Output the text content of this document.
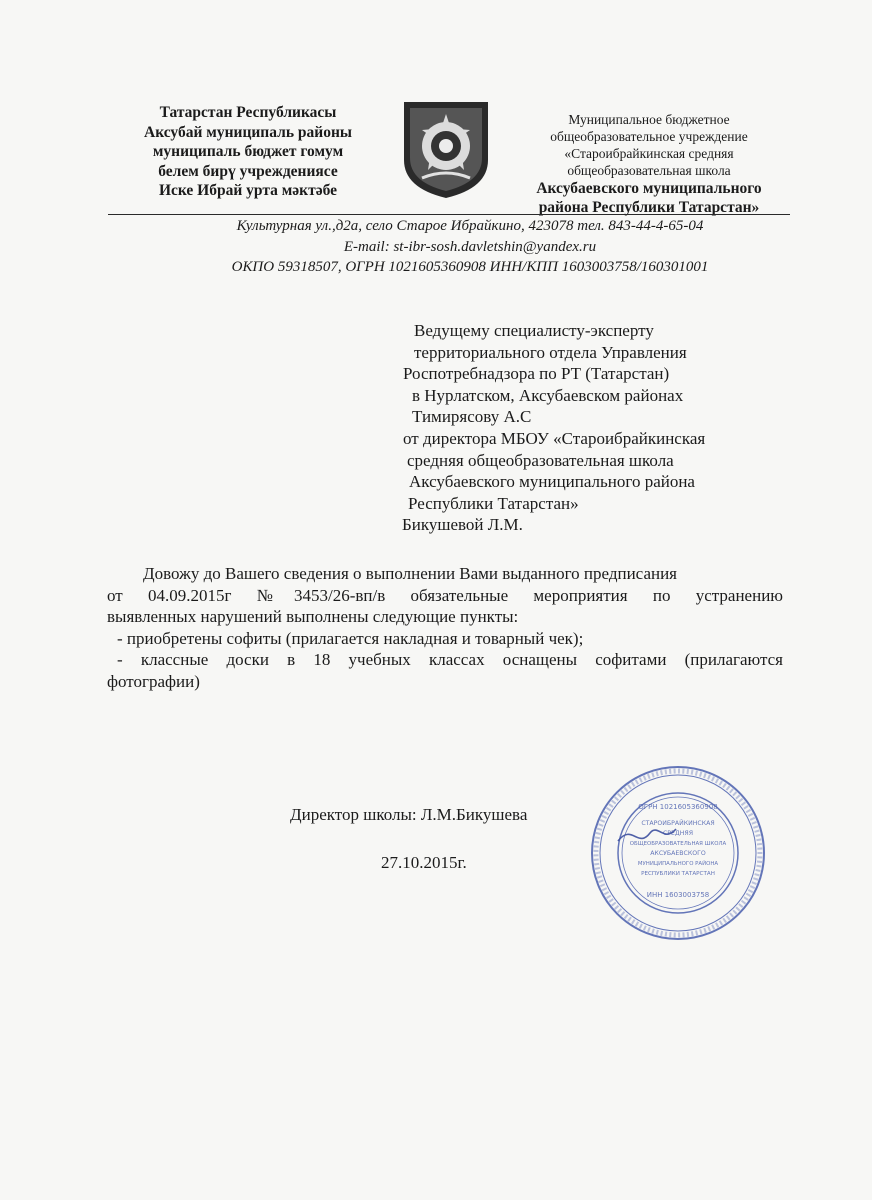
Татарстан Республикасы
Аксубай муниципаль районы
муниципаль бюджет гомум
белем бирү учреждениясе
Иске Ибрай урта мәктәбе
Муниципальное бюджетное
общеобразовательное учреждение
«Староибрайкинская средняя
общеобразовательная школа
Аксубаевского муниципального
района Республики Татарстан»
Культурная ул.,д2а, село Старое Ибрайкино, 423078 тел. 843-44-4-65-04
E-mail: st-ibr-sosh.davletshin@yandex.ru
ОКПО 59318507, ОГРН 1021605360908 ИНН/КПП 1603003758/160301001
Ведущему специалисту-эксперту
территориального отдела Управления
Роспотребнадзора по РТ (Татарстан)
в Нурлатском, Аксубаевском районах
Тимирясову А.С
от директора МБОУ «Староибрайкинская
средняя общеобразовательная школа
Аксубаевского муниципального района
Республики Татарстан»
Бикушевой Л.М.

Довожу до Вашего сведения о выполнении Вами выданного предписания

от 04.09.2015г №3453/26-вп/в обязательные мероприятия по устранению

выявленных нарушений выполнены следующие пункты:

- приобретены софиты (прилагается накладная и товарный чек);

- классные доски в 18 учебных классах оснащены софитами (прилагаются

фотографии)

Директор школы: Л.М.Бикушева
27.10.2015г.
СТАРОИБРАЙКИНСКАЯ
СРЕДНЯЯ
ОБЩЕОБРАЗОВАТЕЛЬНАЯ ШКОЛА
АКСУБАЕВСКОГО
МУНИЦИПАЛЬНОГО РАЙОНА
РЕСПУБЛИКИ ТАТАРСТАН
ОГРН 1021605360908
ИНН 1603003758
